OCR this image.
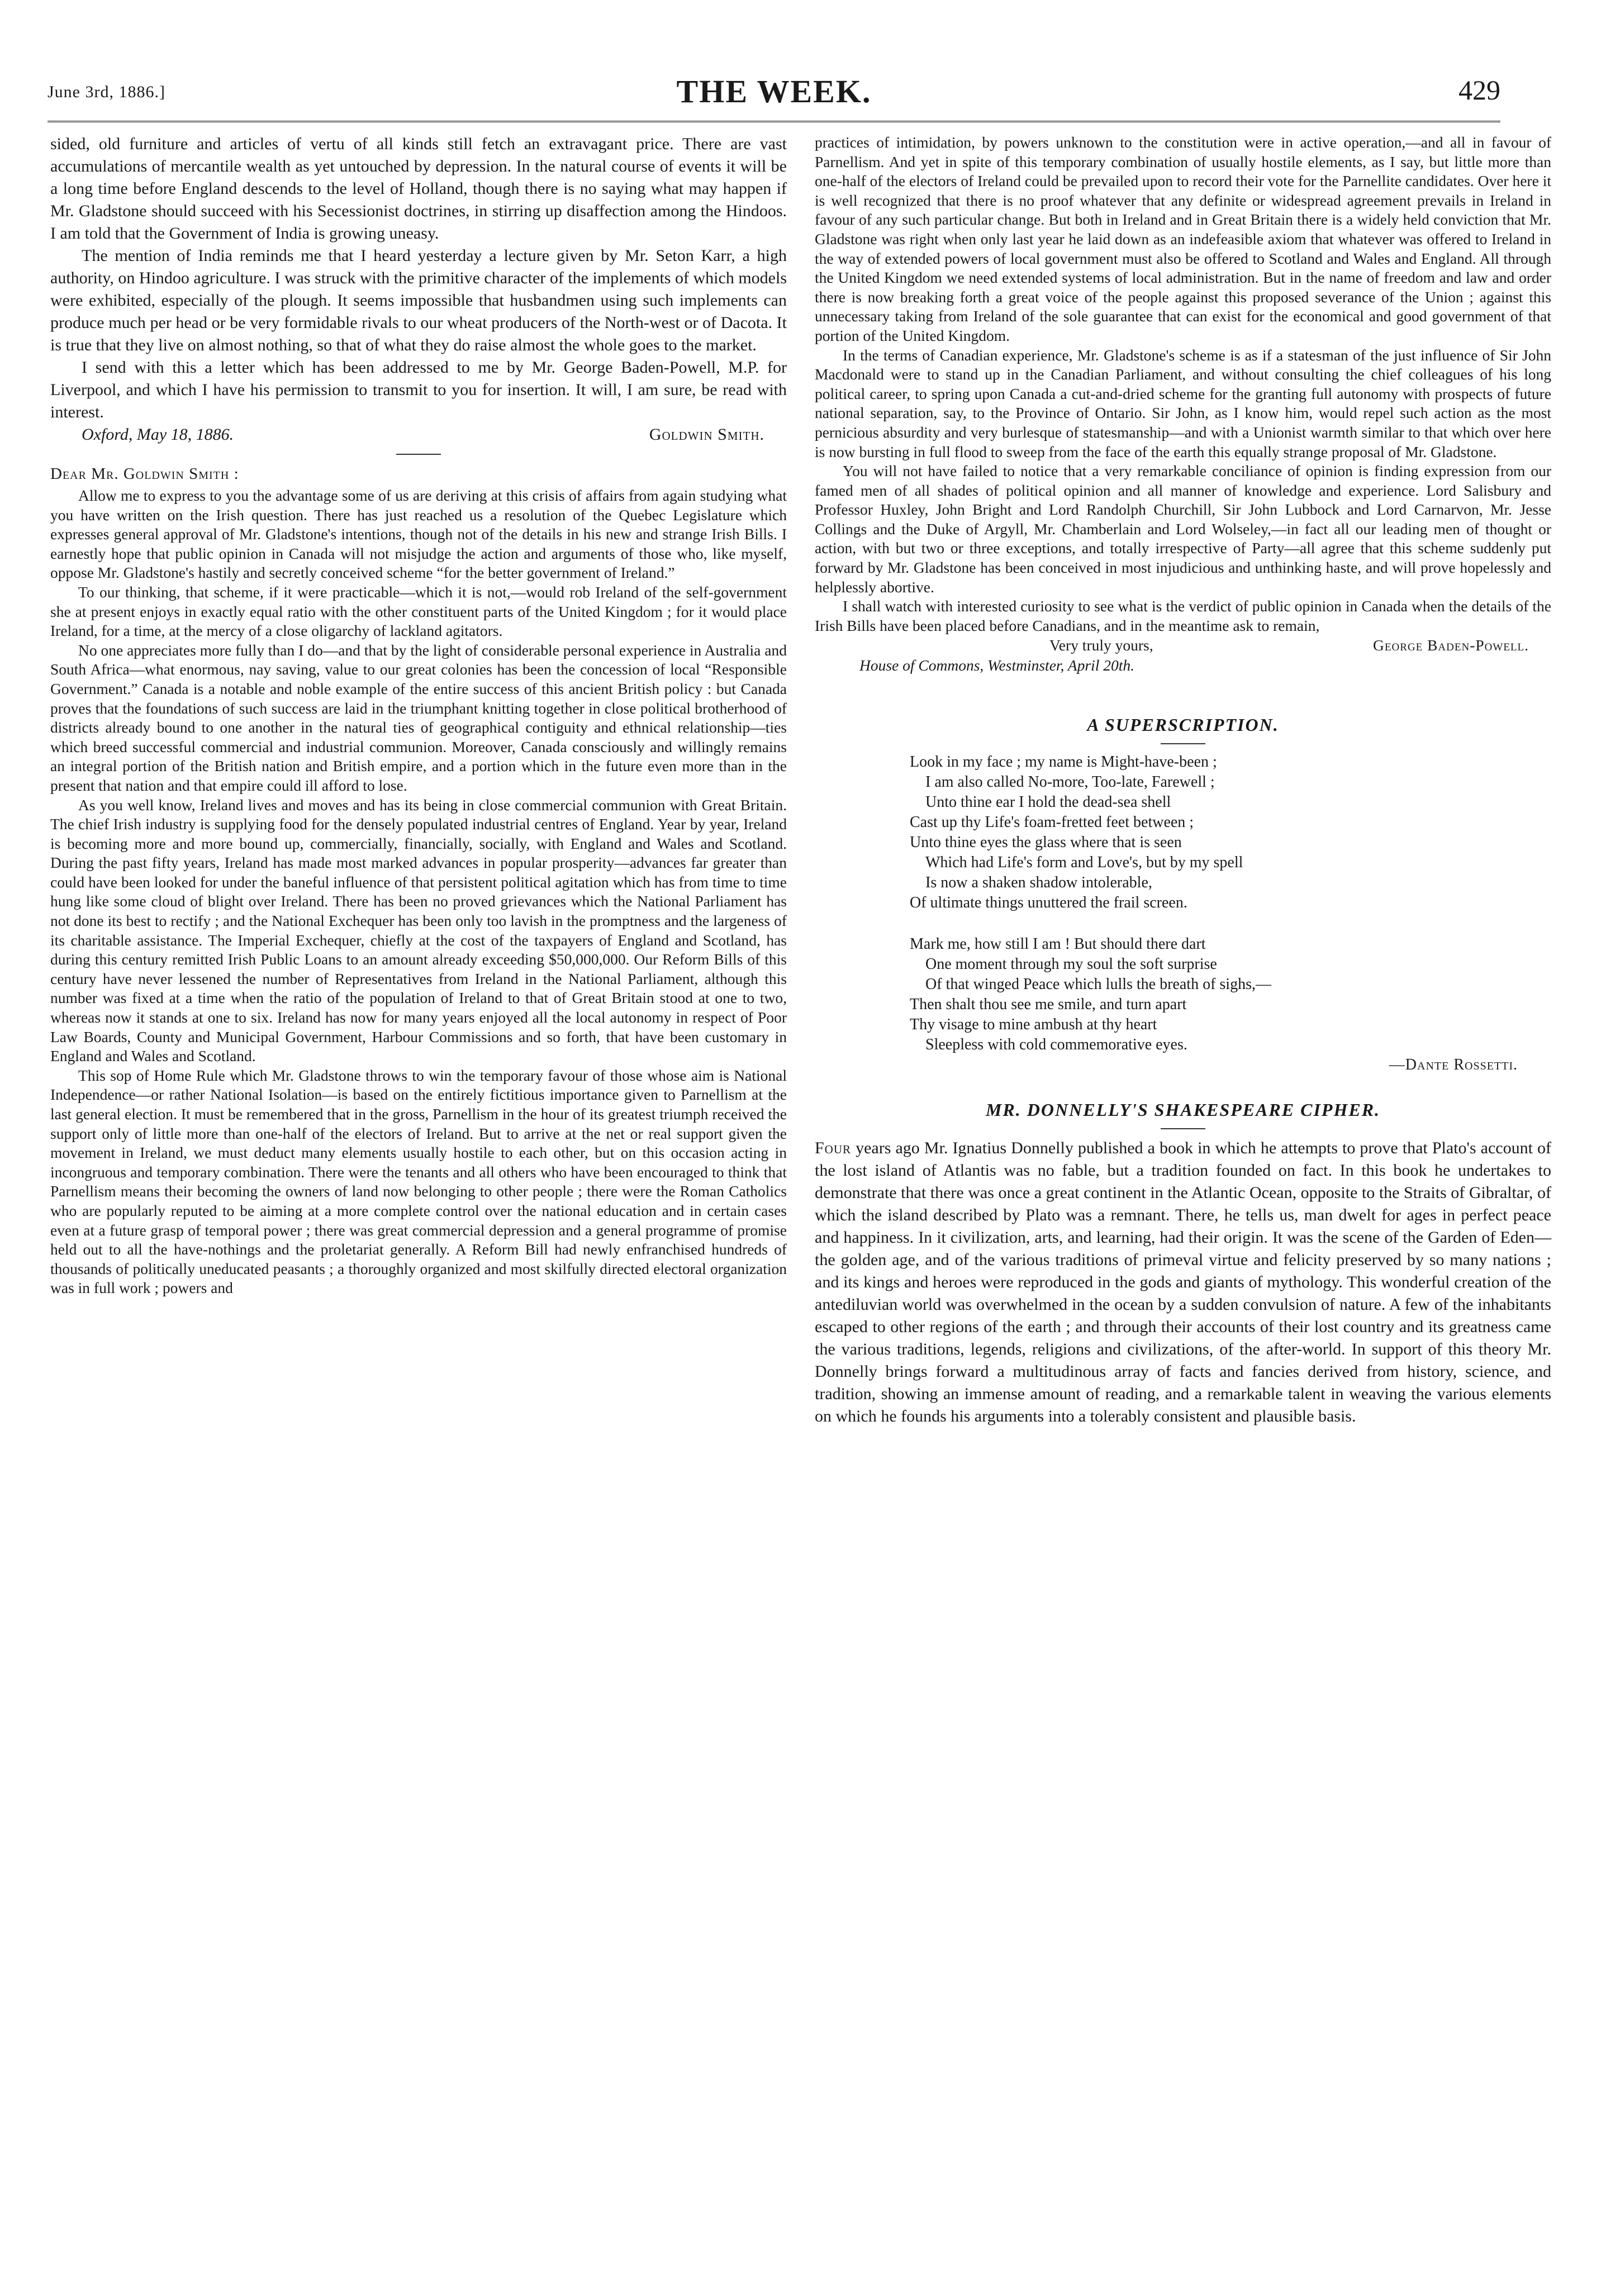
June 3rd, 1886.]	THE WEEK.	429

sided, old furniture and articles of vertu of all kinds still fetch an extravagant price. There are vast accumulations of mercantile wealth as yet untouched by depression. In the natural course of events it will be a long time before England descends to the level of Holland, though there is no saying what may happen if Mr. Gladstone should succeed with his Secessionist doctrines, in stirring up disaffection among the Hindoos. I am told that the Government of India is growing uneasy.

The mention of India reminds me that I heard yesterday a lecture given by Mr. Seton Karr, a high authority, on Hindoo agriculture. I was struck with the primitive character of the implements of which models were exhibited, especially of the plough. It seems impossible that husbandmen using such implements can produce much per head or be very formidable rivals to our wheat producers of the North-west or of Dacota. It is true that they live on almost nothing, so that of what they do raise almost the whole goes to the market.

I send with this a letter which has been addressed to me by Mr. George Baden-Powell, M.P. for Liverpool, and which I have his permission to transmit to you for insertion. It will, I am sure, be read with interest.

Oxford, May 18, 1886.	Goldwin Smith.
Dear Mr. Goldwin Smith :

Allow me to express to you the advantage some of us are deriving at this crisis of affairs from again studying what you have written on the Irish question. There has just reached us a resolution of the Quebec Legislature which expresses general approval of Mr. Gladstone's intentions, though not of the details in his new and strange Irish Bills. I earnestly hope that public opinion in Canada will not misjudge the action and arguments of those who, like myself, oppose Mr. Gladstone's hastily and secretly conceived scheme “for the better government of Ireland.”

To our thinking, that scheme, if it were practicable—which it is not,—would rob Ireland of the self-government she at present enjoys in exactly equal ratio with the other constituent parts of the United Kingdom ; for it would place Ireland, for a time, at the mercy of a close oligarchy of lackland agitators.

No one appreciates more fully than I do—and that by the light of considerable personal experience in Australia and South Africa—what enormous, nay saving, value to our great colonies has been the concession of local “Responsible Government.” Canada is a notable and noble example of the entire success of this ancient British policy : but Canada proves that the foundations of such success are laid in the triumphant knitting together in close political brotherhood of districts already bound to one another in the natural ties of geographical contiguity and ethnical relationship—ties which breed successful commercial and industrial communion. Moreover, Canada consciously and willingly remains an integral portion of the British nation and British empire, and a portion which in the future even more than in the present that nation and that empire could ill afford to lose.

As you well know, Ireland lives and moves and has its being in close commercial communion with Great Britain. The chief Irish industry is supplying food for the densely populated industrial centres of England. Year by year, Ireland is becoming more and more bound up, commercially, financially, socially, with England and Wales and Scotland. During the past fifty years, Ireland has made most marked advances in popular prosperity—advances far greater than could have been looked for under the baneful influence of that persistent political agitation which has from time to time hung like some cloud of blight over Ireland. There has been no proved grievances which the National Parliament has not done its best to rectify ; and the National Exchequer has been only too lavish in the promptness and the largeness of its charitable assistance. The Imperial Exchequer, chiefly at the cost of the taxpayers of England and Scotland, has during this century remitted Irish Public Loans to an amount already exceeding $50,000,000. Our Reform Bills of this century have never lessened the number of Representatives from Ireland in the National Parliament, although this number was fixed at a time when the ratio of the population of Ireland to that of Great Britain stood at one to two, whereas now it stands at one to six. Ireland has now for many years enjoyed all the local autonomy in respect of Poor Law Boards, County and Municipal Government, Harbour Commissions and so forth, that have been customary in England and Wales and Scotland.

This sop of Home Rule which Mr. Gladstone throws to win the temporary favour of those whose aim is National Independence—or rather National Isolation—is based on the entirely fictitious importance given to Parnellism at the last general election. It must be remembered that in the gross, Parnellism in the hour of its greatest triumph received the support only of little more than one-half of the electors of Ireland. But to arrive at the net or real support given the movement in Ireland, we must deduct many elements usually hostile to each other, but on this occasion acting in incongruous and temporary combination. There were the tenants and all others who have been encouraged to think that Parnellism means their becoming the owners of land now belonging to other people ; there were the Roman Catholics who are popularly reputed to be aiming at a more complete control over the national education and in certain cases even at a future grasp of temporal power ; there was great commercial depression and a general programme of promise held out to all the have-nothings and the proletariat generally. A Reform Bill had newly enfranchised hundreds of thousands of politically uneducated peasants ; a thoroughly organized and most skilfully directed electoral organization was in full work ; powers and

practices of intimidation, by powers unknown to the constitution were in active operation,—and all in favour of Parnellism. And yet in spite of this temporary combination of usually hostile elements, as I say, but little more than one-half of the electors of Ireland could be prevailed upon to record their vote for the Parnellite candidates. Over here it is well recognized that there is no proof whatever that any definite or widespread agreement prevails in Ireland in favour of any such particular change. But both in Ireland and in Great Britain there is a widely held conviction that Mr. Gladstone was right when only last year he laid down as an indefeasible axiom that whatever was offered to Ireland in the way of extended powers of local government must also be offered to Scotland and Wales and England. All through the United Kingdom we need extended systems of local administration. But in the name of freedom and law and order there is now breaking forth a great voice of the people against this proposed severance of the Union ; against this unnecessary taking from Ireland of the sole guarantee that can exist for the economical and good government of that portion of the United Kingdom.

In the terms of Canadian experience, Mr. Gladstone's scheme is as if a statesman of the just influence of Sir John Macdonald were to stand up in the Canadian Parliament, and without consulting the chief colleagues of his long political career, to spring upon Canada a cut-and-dried scheme for the granting full autonomy with prospects of future national separation, say, to the Province of Ontario. Sir John, as I know him, would repel such action as the most pernicious absurdity and very burlesque of statesmanship—and with a Unionist warmth similar to that which over here is now bursting in full flood to sweep from the face of the earth this equally strange proposal of Mr. Gladstone.

You will not have failed to notice that a very remarkable conciliance of opinion is finding expression from our famed men of all shades of political opinion and all manner of knowledge and experience. Lord Salisbury and Professor Huxley, John Bright and Lord Randolph Churchill, Sir John Lubbock and Lord Carnarvon, Mr. Jesse Collings and the Duke of Argyll, Mr. Chamberlain and Lord Wolseley,—in fact all our leading men of thought or action, with but two or three exceptions, and totally irrespective of Party—all agree that this scheme suddenly put forward by Mr. Gladstone has been conceived in most injudicious and unthinking haste, and will prove hopelessly and helplessly abortive.

I shall watch with interested curiosity to see what is the verdict of public opinion in Canada when the details of the Irish Bills have been placed before Canadians, and in the meantime ask to remain,

Very truly yours,	George Baden-Powell.
House of Commons, Westminster, April 20th.
A SUPERSCRIPTION.
Look in my face ; my name is Might-have-been ;
I am also called No-more, Too-late, Farewell ;
Unto thine ear I hold the dead-sea shell
Cast up thy Life's foam-fretted feet between ;
Unto thine eyes the glass where that is seen
Which had Life's form and Love's, but by my spell
Is now a shaken shadow intolerable,
Of ultimate things unuttered the frail screen.
Mark me, how still I am ! But should there dart
One moment through my soul the soft surprise
Of that winged Peace which lulls the breath of sighs,—
Then shalt thou see me smile, and turn apart
Thy visage to mine ambush at thy heart
Sleepless with cold commemorative eyes.
—Dante Rossetti.
MR. DONNELLY'S SHAKESPEARE CIPHER.

Four years ago Mr. Ignatius Donnelly published a book in which he attempts to prove that Plato's account of the lost island of Atlantis was no fable, but a tradition founded on fact. In this book he undertakes to demonstrate that there was once a great continent in the Atlantic Ocean, opposite to the Straits of Gibraltar, of which the island described by Plato was a remnant. There, he tells us, man dwelt for ages in perfect peace and happiness. In it civilization, arts, and learning, had their origin. It was the scene of the Garden of Eden—the golden age, and of the various traditions of primeval virtue and felicity preserved by so many nations ; and its kings and heroes were reproduced in the gods and giants of mythology. This wonderful creation of the antediluvian world was overwhelmed in the ocean by a sudden convulsion of nature. A few of the inhabitants escaped to other regions of the earth ; and through their accounts of their lost country and its greatness came the various traditions, legends, religions and civilizations, of the after-world. In support of this theory Mr. Donnelly brings forward a multitudinous array of facts and fancies derived from history, science, and tradition, showing an immense amount of reading, and a remarkable talent in weaving the various elements on which he founds his arguments into a tolerably consistent and plausible basis.
